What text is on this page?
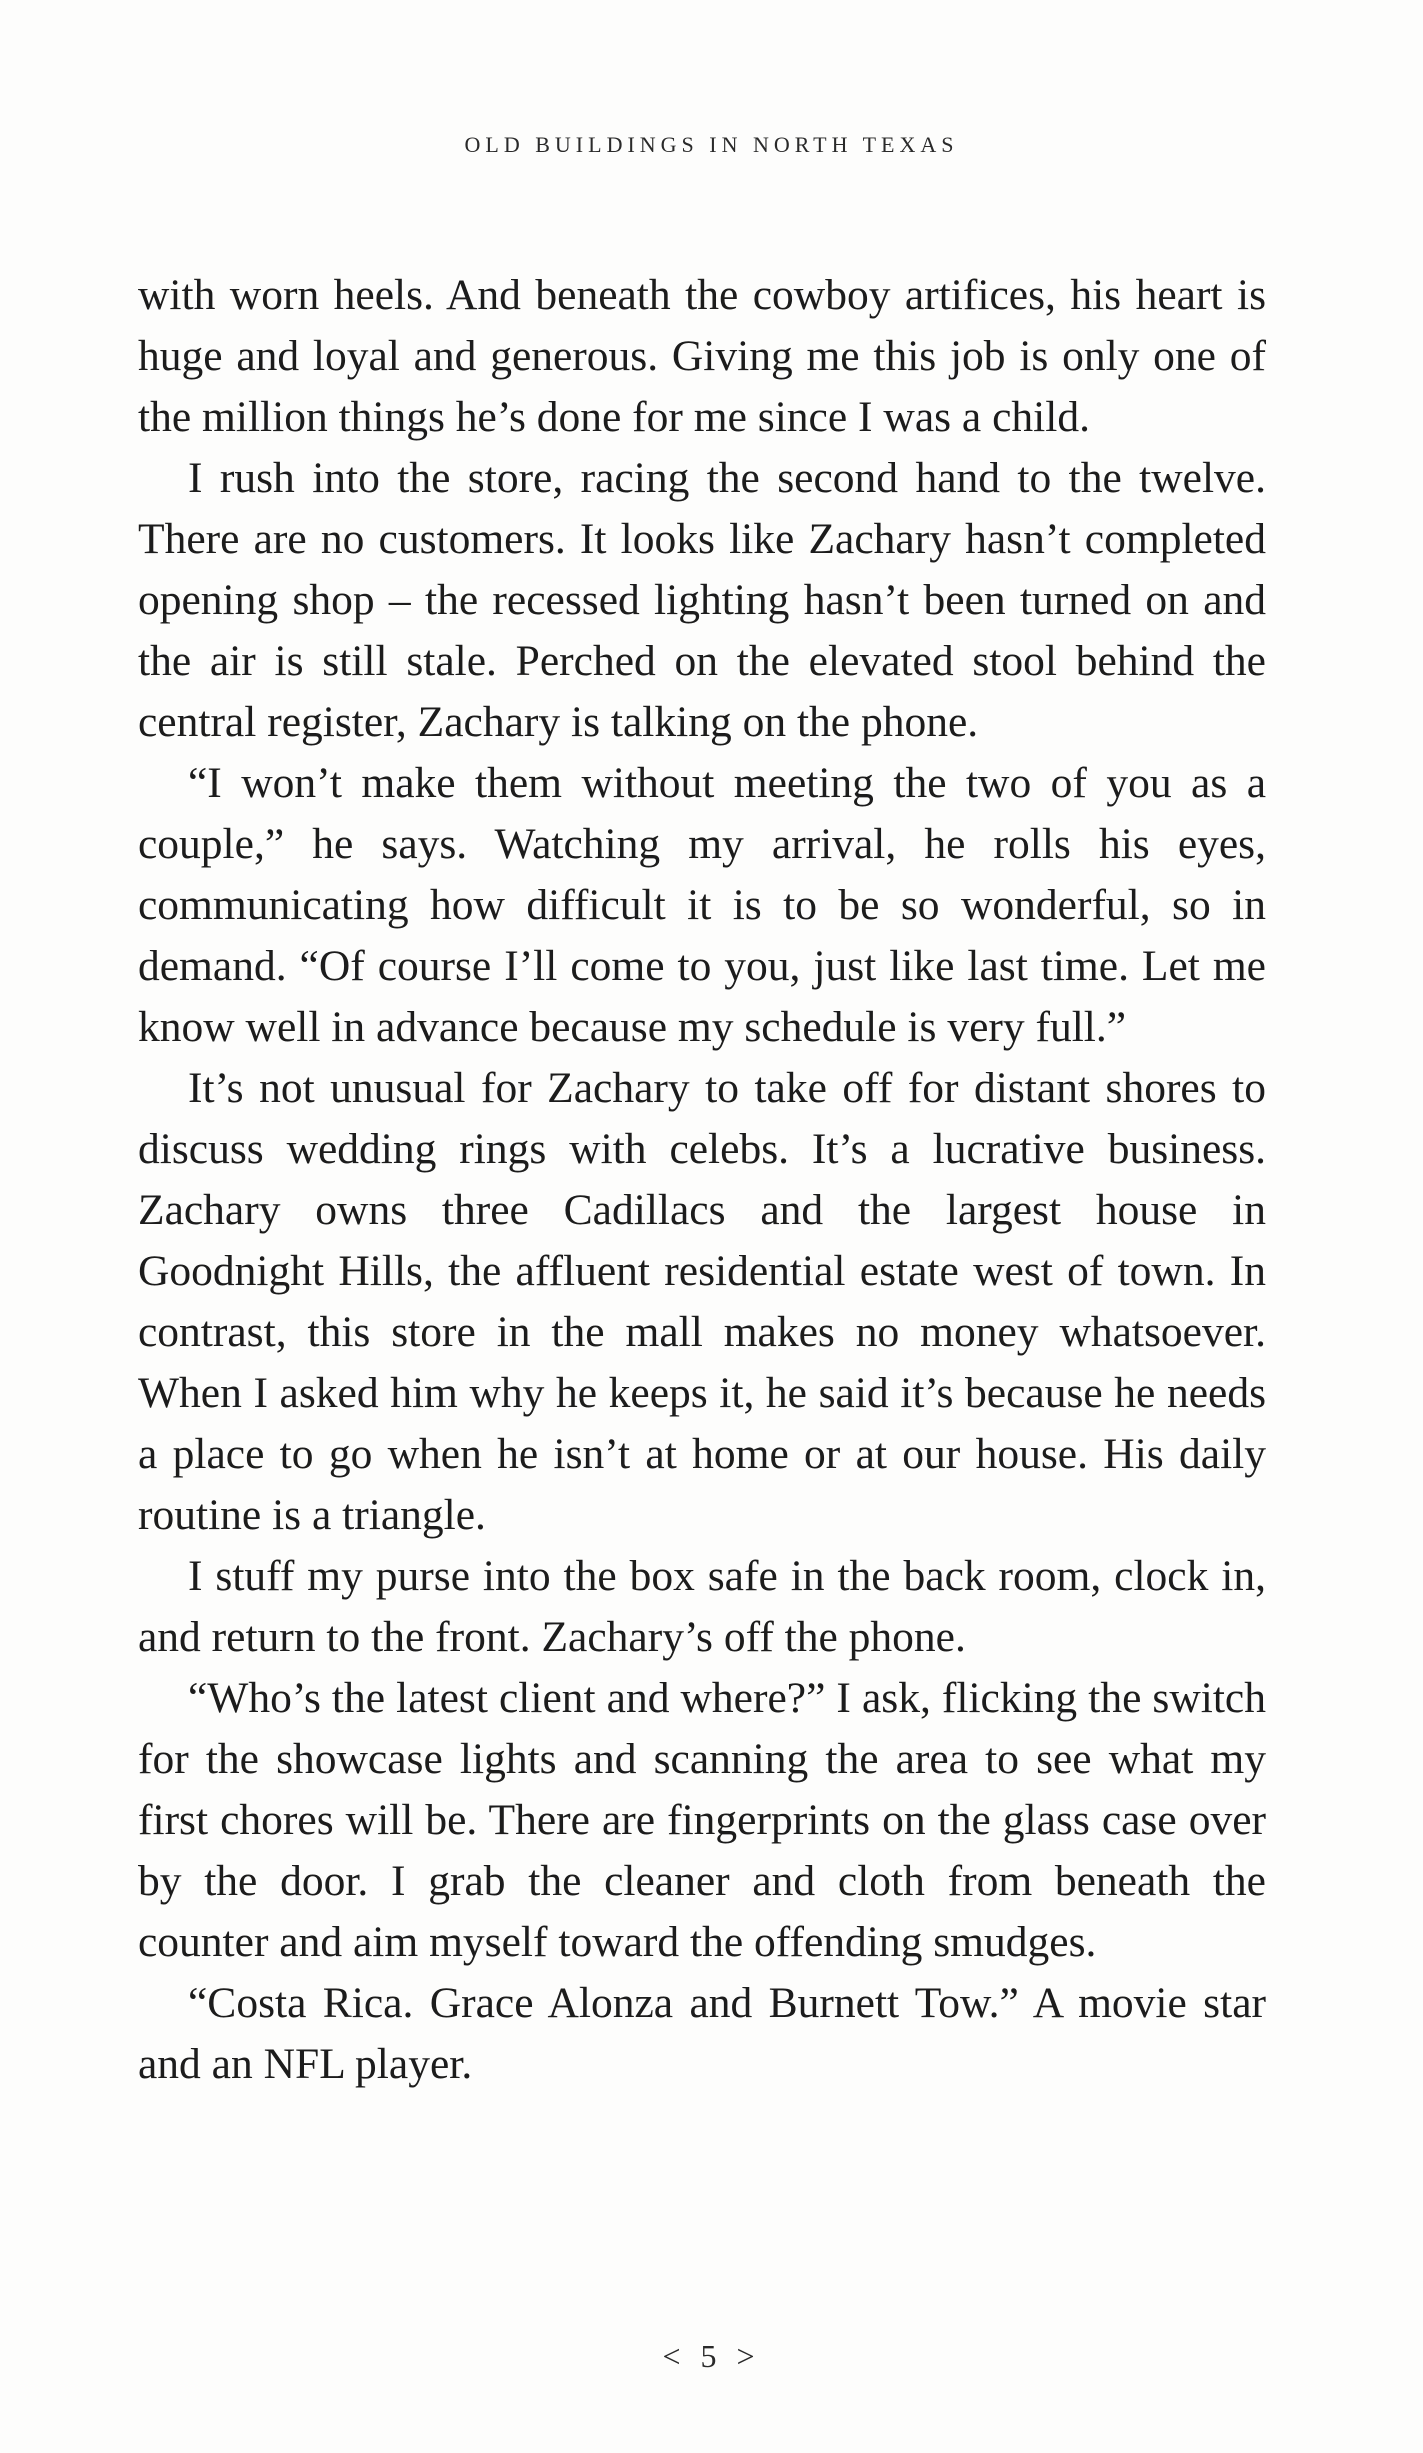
OLD BUILDINGS IN NORTH TEXAS

with worn heels. And beneath the cowboy artifices, his heart is huge and loyal and generous. Giving me this job is only one of the million things he’s done for me since I was a child.

I rush into the store, racing the second hand to the twelve. There are no customers. It looks like Zachary hasn’t completed opening shop – the recessed lighting hasn’t been turned on and the air is still stale. Perched on the elevated stool behind the central register, Zachary is talking on the phone.

“I won’t make them without meeting the two of you as a couple,” he says. Watching my arrival, he rolls his eyes, communicating how difficult it is to be so wonderful, so in demand. “Of course I’ll come to you, just like last time. Let me know well in advance because my schedule is very full.”

It’s not unusual for Zachary to take off for distant shores to discuss wedding rings with celebs. It’s a lucrative business. Zachary owns three Cadillacs and the largest house in Goodnight Hills, the affluent residential estate west of town. In contrast, this store in the mall makes no money whatsoever. When I asked him why he keeps it, he said it’s because he needs a place to go when he isn’t at home or at our house. His daily routine is a triangle.

I stuff my purse into the box safe in the back room, clock in, and return to the front. Zachary’s off the phone.

“Who’s the latest client and where?” I ask, flicking the switch for the showcase lights and scanning the area to see what my first chores will be. There are fingerprints on the glass case over by the door. I grab the cleaner and cloth from beneath the counter and aim myself toward the offending smudges.

“Costa Rica. Grace Alonza and Burnett Tow.” A movie star and an NFL player.

< 5 >
